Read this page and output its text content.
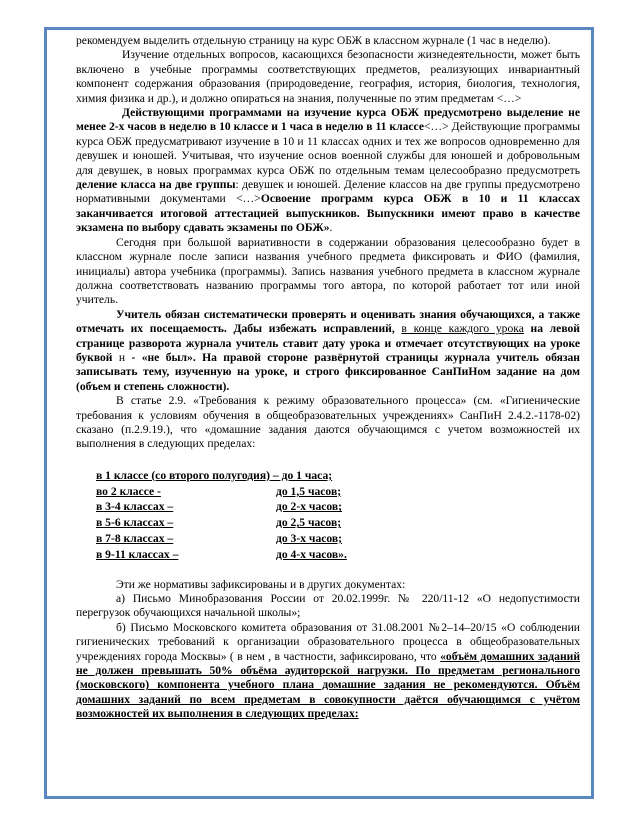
рекомендуем выделить отдельную страницу на курс ОБЖ в классном журнале (1 час в неделю).

Изучение отдельных вопросов, касающихся безопасности жизнедеятельности, может быть включено в учебные программы соответствующих предметов, реализующих инвариантный компонент содержания образования (природоведение, география, история, биология, технология, химия физика и др.), и должно опираться на знания, полученные по этим предметам <…>

Действующими программами на изучение курса ОБЖ предусмотрено выделение не менее 2-х часов в неделю в 10 классе и 1 часа в неделю в 11 классе<…> Действующие программы курса ОБЖ предусматривают изучение в 10 и 11 классах одних и тех же вопросов одновременно для девушек и юношей. Учитывая, что изучение основ военной службы для юношей и добровольным для девушек, в новых программах курса ОБЖ по отдельным темам целесообразно предусмотреть деление класса на две группы: девушек и юношей. Деление классов на две группы предусмотрено нормативными документами <…>Освоение программ курса ОБЖ в 10 и 11 классах заканчивается итоговой аттестацией выпускников. Выпускники имеют право в качестве экзамена по выбору сдавать экзамены по ОБЖ».

Сегодня при большой вариативности в содержании образования целесообразно будет в классном журнале после записи названия учебного предмета фиксировать и ФИО (фамилия, инициалы) автора учебника (программы). Запись названия учебного предмета в классном журнале должна соответствовать названию программы того автора, по которой работает тот или иной учитель.

Учитель обязан систематически проверять и оценивать знания обучающихся, а также отмечать их посещаемость. Дабы избежать исправлений, в конце каждого урока на левой странице разворота журнала учитель ставит дату урока и отмечает отсутствующих на уроке буквой н - «не был». На правой стороне развёрнутой страницы журнала учитель обязан записывать тему, изученную на уроке, и строго фиксированное СанПиНом задание на дом (объем и степень сложности).

В статье 2.9. «Требования к режиму образовательного процесса» (см. «Гигиенические требования к условиям обучения в общеобразовательных учреждениях» СанПиН 2.4.2.-1178-02) сказано (п.2.9.19.), что «домашние задания даются обучающимся с учетом возможностей их выполнения в следующих пределах:

в 1 классе (со второго полугодия) – до 1 часа;
во 2 классе -	до 1,5 часов;
в 3-4 классах –	до 2-х часов;
в 5-6 классах –	до 2,5 часов;
в 7-8 классах –	до 3-х часов;
в 9-11 классах –	до 4-х часов».

Эти же нормативы зафиксированы и в других документах:

а) Письмо Минобразования России от 20.02.1999г. № 220/11-12 «О недопустимости перегрузок обучающихся начальной школы»;

б) Письмо Московского комитета образования от 31.08.2001 №2–14–20/15 «О соблюдении гигиенических требований к организации образовательного процесса в общеобразовательных учреждениях города Москвы» ( в нем , в частности, зафиксировано, что «объём домашних заданий не должен превышать 50% объёма аудиторской нагрузки. По предметам регионального (московского) компонента учебного плана домашние задания не рекомендуются. Объём домашних заданий по всем предметам в совокупности даётся обучающимся с учётом возможностей их выполнения в следующих пределах:
